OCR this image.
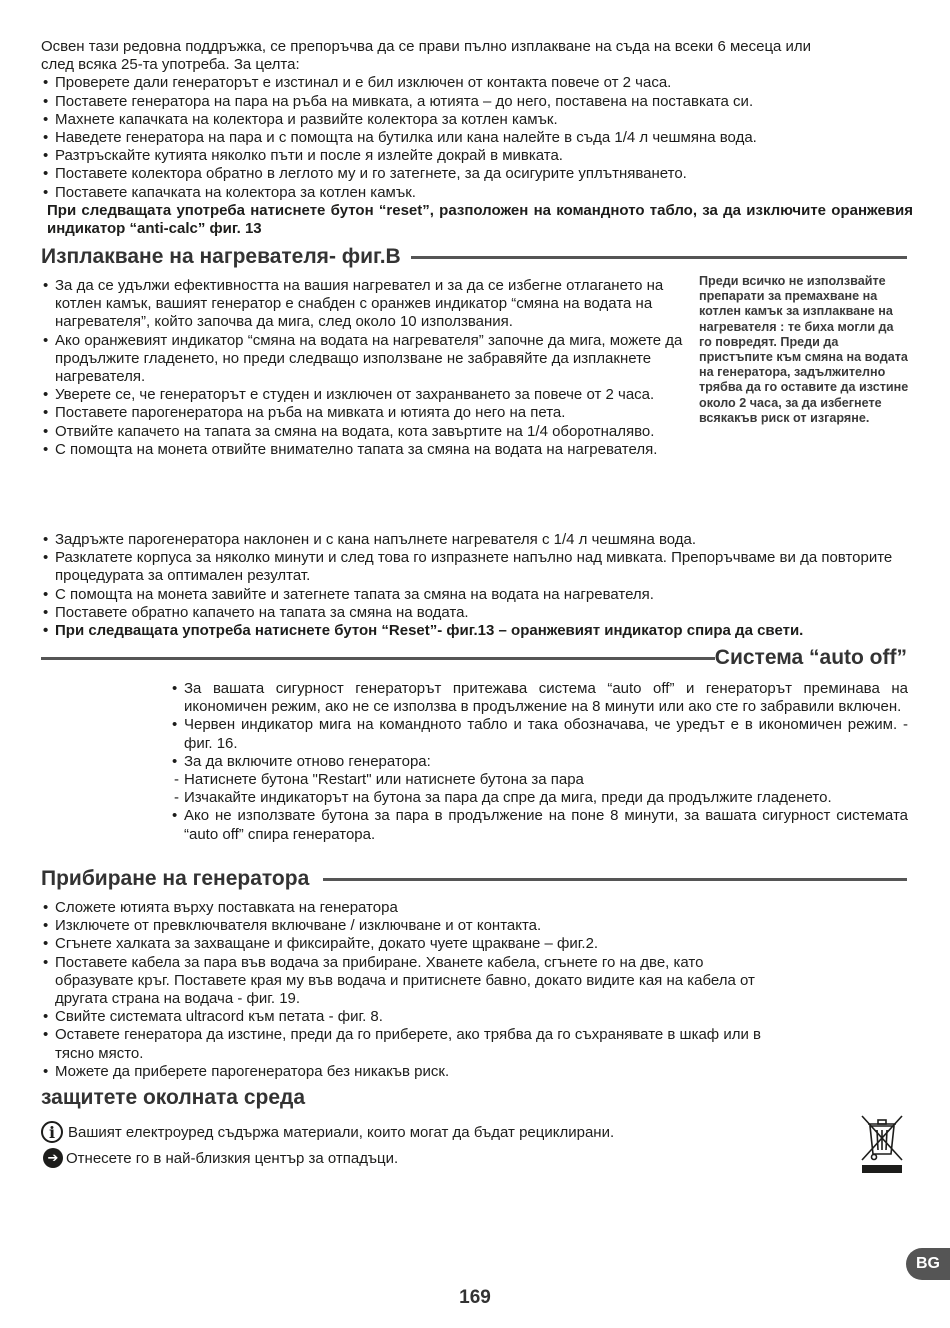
Освен тази редовна поддръжка, се препоръчва да се прави пълно изплакване на съда на всеки 6 месеца или

след всяка 25-та употреба. За целта:

• Проверете дали генераторът е изстинал и е бил изключен от контакта повече от 2 часа.
• Поставете генератора на пара на ръба на мивката, а ютията – до него, поставена на поставката си.
• Махнете капачката на колектора и развийте колектора за котлен камък.
• Наведете генератора на пара и с помощта на бутилка или кана налейте в съда 1/4 л чешмяна вода.
• Разтръскайте кутията няколко пъти и после я излейте докрай в мивката.
• Поставете колектора обратно в леглото му и го затегнете, за да осигурите уплътняването.
• Поставете капачката на колектора за котлен камък.

При следващата употреба натиснете бутон “reset”, разположен на командното табло, за да изключите оранжевия индикатор “anti-calc” фиг. 13

Изплакване на нагревателя- фиг.В
• За да се удължи ефективността на вашия нагревател и за да се избегне отлагането на котлен камък, вашият генератор е снабден с оранжев индикатор “смяна на водата на нагревателя”, който започва да мига, след около 10 използвания.
• Ако оранжевият индикатор “смяна на водата на нагревателя” започне да мига, можете да продължите гладенето, но преди следващо използване не забравяйте да изплакнете нагревателя.
• Уверете се, че генераторът е студен и изключен от захранването за повече от 2 часа.
• Поставете парогенератора на ръба на мивката и ютията до него на пета.
• Отвийте капачето на тапата за смяна на водата, кота завъртите на 1/4 оборотналяво.
• С помощта на монета отвийте внимателно тапата за смяна на водата на нагревателя.

Преди всичко не използвайте препарати за премахване на котлен камък за изплакване на нагревателя : те биха могли да го повредят. Преди да пристъпите към смяна на водата на генератора, задължително трябва да го оставите да изстине около 2 часа, за да избегнете всякакъв риск от изгаряне.

• Задръжте парогенератора наклонен и с кана напълнете нагревателя с 1/4 л чешмяна вода.
• Разклатете корпуса за няколко минути и след това го изпразнете напълно над мивката. Препоръчваме ви да повторите процедурата за оптимален резултат.
• С помощта на монета завийте и затегнете тапата за смяна на водата на нагревателя.
• Поставете обратно капачето на тапата за смяна на водата.
• При следващата употреба натиснете бутон “Reset”- фиг.13 – оранжевият индикатор спира да свети.
Система “auto off”
• За вашата сигурност генераторът притежава система “auto off” и генераторът преминава на икономичен режим, ако не се използва в продължение на 8 минути или ако сте го забравили включен.
• Червен индикатор мига на командното табло и така обозначава, че уредът е в икономичен режим. - фиг. 16.
• За да включите отново генератора:
- Натиснете бутона "Restart" или натиснете бутона за пара
- Изчакайте индикаторът на бутона за пара да спре да мига, преди да продължите гладенето.
• Ако не използвате бутона за пара в продължение на поне 8 минути, за вашата сигурност системата “auto off” спира генератора.
Прибиране на генератора
• Сложете ютията върху поставката на генератора
• Изключете от превключвателя включване / изключване и от контакта.
• Сгънете халката за захващане и фиксирайте, докато чуете щракване – фиг.2.
• Поставете кабела за пара във водача за прибиране. Хванете кабела, сгънете го на две, като образувате кръг. Поставете края му във водача и притиснете бавно, докато видите кая на кабела от другата страна на водача - фиг. 19.
• Свийте системата ultracord към петата - фиг. 8.
• Оставете генератора да изстине, преди да го приберете, ако трябва да го съхранявате в шкаф или в тясно място.
• Можете да приберете парогенератора без никакъв риск.
защитете околната среда
i Вашият електроуред съдържа материали, които могат да бъдат рециклирани.
➔ Отнесете го в най-близкия център за отпадъци.
BG
169
